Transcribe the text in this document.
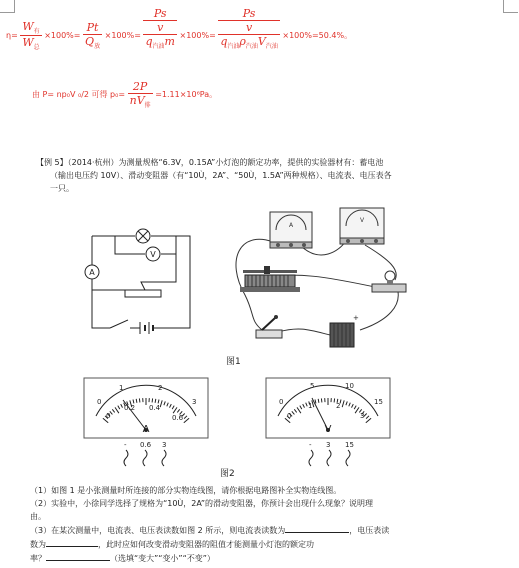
$\eta= \frac{W_有}{W_总} \times 100\%= \frac{Pt}{Q_放} \times 100\%=$
Ps
v
$q_{汽油}m \times 100\%=$
Ps
v
$q_{汽油}\rho_{汽油}V_{汽油}$
×100%=50.4%。
由 P= np₀V ₀/2 可得 $p_0= \frac{2P}{nV_排} =1.11\times 10^6Pa$。
【例 5】（2014·杭州）为测量规格“6.3V，0.15A”小灯泡的额定功率，提供的实验器材有：蓄电池
（输出电压约 10V）、滑动变阻器（有“10Ù，2A”、“50Ù，1.5A”两种规格）、电流表、电压表各
一只。
V
A
A
V
+
图1
0
1	2
3
0
0.2 0.4
0.6
A
- 0.6 3
0
5	10
15
0
1	2
3
V
- 3 15
图2
（1）如图 1 是小张测量时所连接的部分实物连线图，请你根据电路图补全实物连线图。
（2）实验中，小徐同学选择了规格为“10Ù，2A”的滑动变阻器，你预计会出现什么现象？说明理
由。
（3）在某次测量中，电流表、电压表读数如图 2 所示，则电流表读数为	，电压表读
数为	，此时应如何改变滑动变阻器的阻值才能测量小灯泡的额定功
率？	（选填“变大”“变小”“不变”）
